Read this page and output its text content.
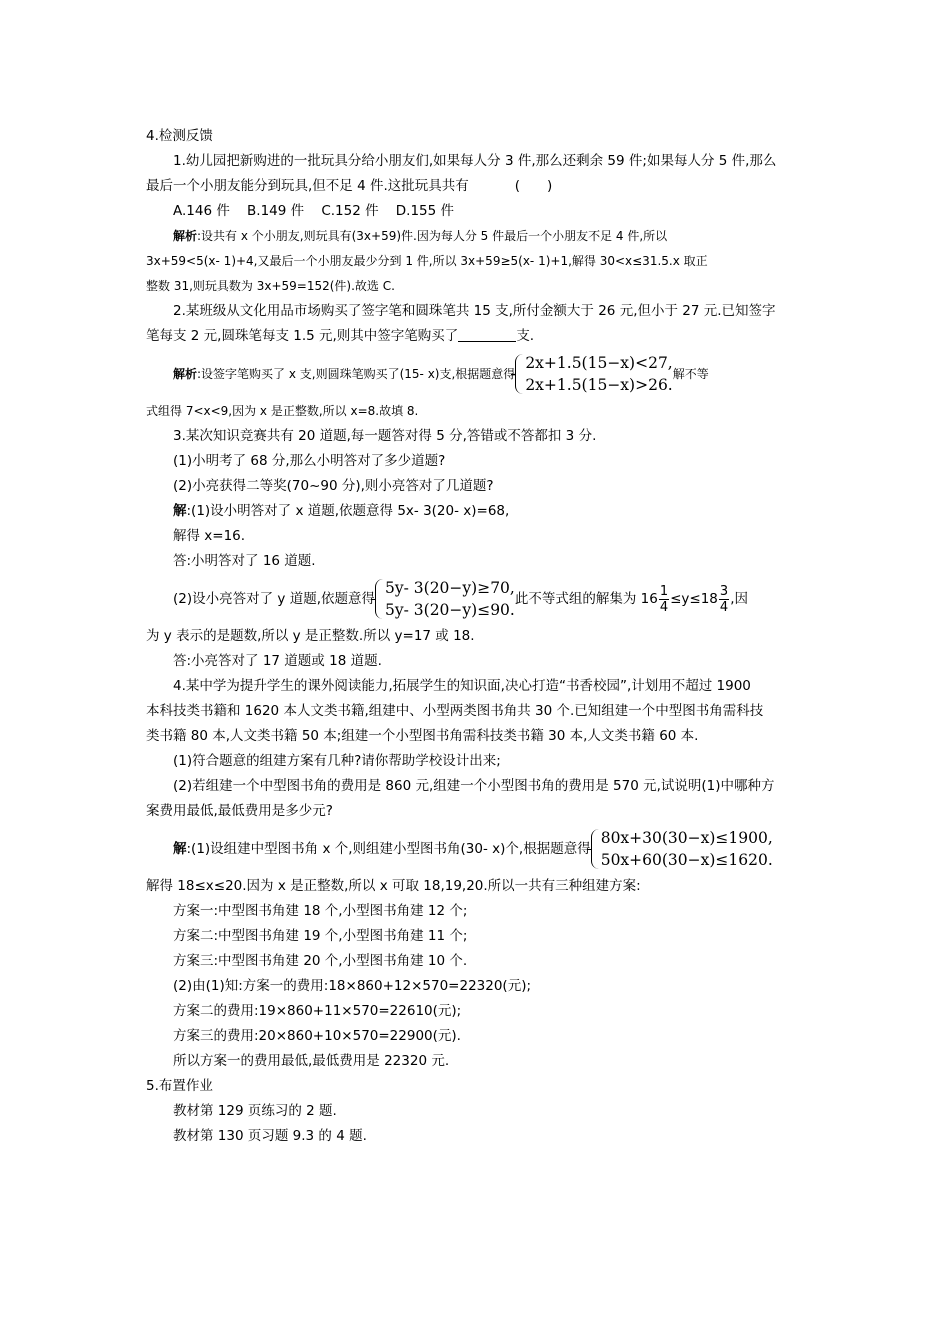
4.检测反馈
1.幼儿园把新购进的一批玩具分给小朋友们,如果每人分 3 件,那么还剩余 59 件;如果每人分 5 件,那么
最后一个小朋友能分到玩具,但不足 4 件.这批玩具共有	(　　)
A.146 件 B.149 件 C.152 件 D.155 件
解析:设共有 x 个小朋友,则玩具有(3x+59)件.因为每人分 5 件最后一个小朋友不足 4 件,所以
3x+59<5(x- 1)+4,又最后一个小朋友最少分到 1 件,所以 3x+59≥5(x- 1)+1,解得 30<x≤31.5.x 取正
整数 31,则玩具数为 3x+59=152(件).故选 C.
2.某班级从文化用品市场购买了签字笔和圆珠笔共 15 支,所付金额大于 26 元,但小于 27 元.已知签字
笔每支 2 元,圆珠笔每支 1.5 元,则其中签字笔购买了	支.
解析 :设签字笔购买了 x 支,则圆珠笔购买了(15- x)支,根据题意得
2x+1.5(15−x)<27,
2x+1.5(15−x)>26.
解不等
式组得 7<x<9,因为 x 是正整数,所以 x=8.故填 8.
3.某次知识竞赛共有 20 道题,每一题答对得 5 分,答错或不答都扣 3 分.
(1)小明考了 68 分,那么小明答对了多少道题?
(2)小亮获得二等奖(70~90 分),则小亮答对了几道题?
解:(1)设小明答对了 x 道题,依题意得 5x- 3(20- x)=68,
解得 x=16.
答:小明答对了 16 道题.
(2)设小亮答对了 y 道题,依题意得
5y- 3(20−y)≥70,
5y- 3(20−y)≤90.
此不等式组的解集为 $16 \frac{1}{4} \le y\le 18 \frac{3}{4}$ ,因
为 y 表示的是题数,所以 y 是正整数.所以 y=17 或 18.
答:小亮答对了 17 道题或 18 道题.
4.某中学为提升学生的课外阅读能力,拓展学生的知识面,决心打造“书香校园”,计划用不超过 1900
本科技类书籍和 1620 本人文类书籍,组建中、小型两类图书角共 30 个.已知组建一个中型图书角需科技
类书籍 80 本,人文类书籍 50 本;组建一个小型图书角需科技类书籍 30 本,人文类书籍 60 本.
(1)符合题意的组建方案有几种?请你帮助学校设计出来;
(2)若组建一个中型图书角的费用是 860 元,组建一个小型图书角的费用是 570 元,试说明(1)中哪种方
案费用最低,最低费用是多少元?
解 :(1)设组建中型图书角 x 个,则组建小型图书角(30- x)个,根据题意得
80x+30(30−x)≤1900,
50x+60(30−x)≤1620.
解得 18≤x≤20.因为 x 是正整数,所以 x 可取 18,19,20.所以一共有三种组建方案:
方案一:中型图书角建 18 个,小型图书角建 12 个;
方案二:中型图书角建 19 个,小型图书角建 11 个;
方案三:中型图书角建 20 个,小型图书角建 10 个.
(2)由(1)知:方案一的费用:18×860+12×570=22320(元);
方案二的费用:19×860+11×570=22610(元);
方案三的费用:20×860+10×570=22900(元).
所以方案一的费用最低,最低费用是 22320 元.
5.布置作业
教材第 129 页练习的 2 题.
教材第 130 页习题 9.3 的 4 题.
